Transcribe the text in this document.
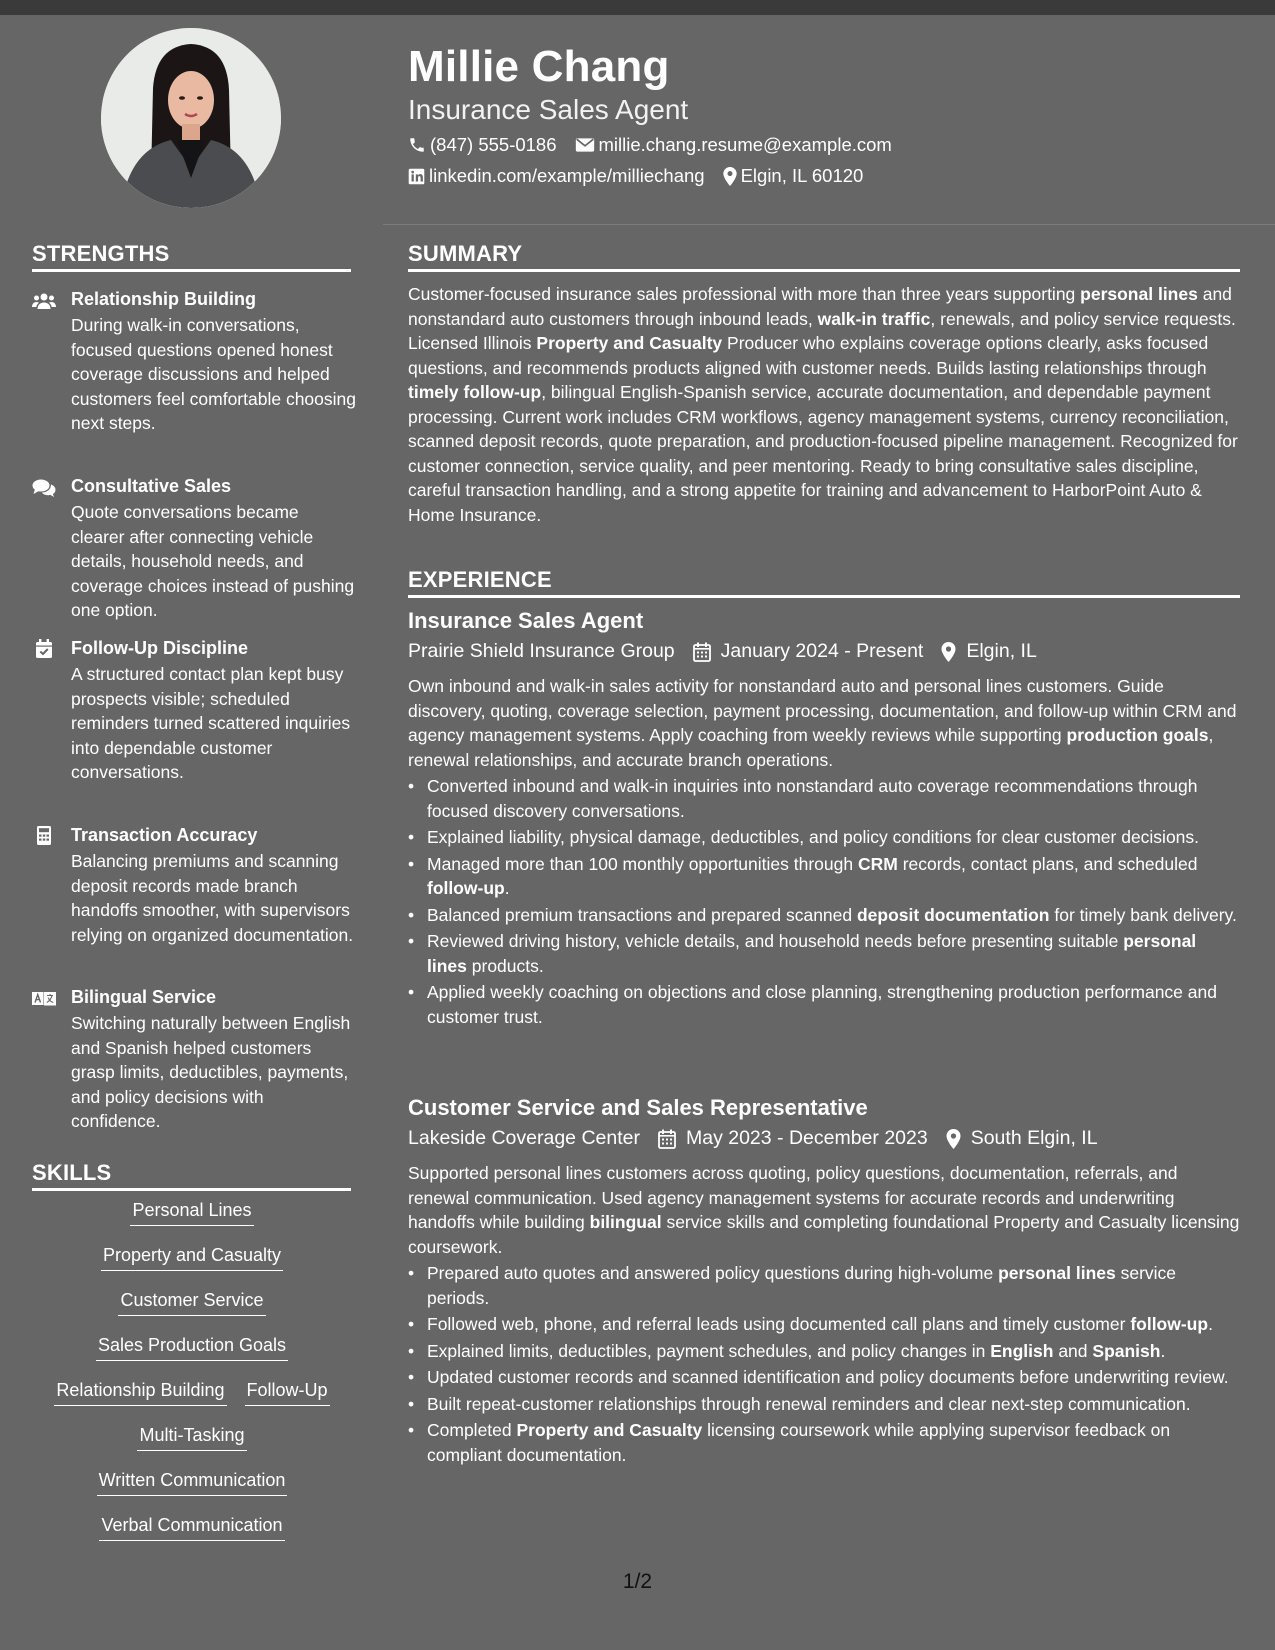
Millie Chang
Insurance Sales Agent
(847) 555-0186 millie.chang.resume@example.com
linkedin.com/example/milliechang Elgin, IL 60120
STRENGTHS
Relationship Building
During walk-in conversations, focused questions opened honest coverage discussions and helped customers feel comfortable choosing next steps.
Consultative Sales
Quote conversations became clearer after connecting vehicle details, household needs, and coverage choices instead of pushing one option.
Follow-Up Discipline
A structured contact plan kept busy prospects visible; scheduled reminders turned scattered inquiries into dependable customer conversations.
Transaction Accuracy
Balancing premiums and scanning deposit records made branch handoffs smoother, with supervisors relying on organized documentation.
Bilingual Service
Switching naturally between English and Spanish helped customers grasp limits, deductibles, payments, and policy decisions with confidence.
SKILLS
Personal Lines
Property and Casualty
Customer Service
Sales Production Goals
Relationship Building Follow-Up
Multi-Tasking
Written Communication
Verbal Communication
SUMMARY
Customer-focused insurance sales professional with more than three years supporting personal lines and nonstandard auto customers through inbound leads, walk-in traffic, renewals, and policy service requests. Licensed Illinois Property and Casualty Producer who explains coverage options clearly, asks focused questions, and recommends products aligned with customer needs. Builds lasting relationships through timely follow-up, bilingual English-Spanish service, accurate documentation, and dependable payment processing. Current work includes CRM workflows, agency management systems, currency reconciliation, scanned deposit records, quote preparation, and production-focused pipeline management. Recognized for customer connection, service quality, and peer mentoring. Ready to bring consultative sales discipline, careful transaction handling, and a strong appetite for training and advancement to HarborPoint Auto & Home Insurance.
EXPERIENCE
Insurance Sales Agent
Prairie Shield Insurance Group January 2024 - Present Elgin, IL
Own inbound and walk-in sales activity for nonstandard auto and personal lines customers. Guide discovery, quoting, coverage selection, payment processing, documentation, and follow-up within CRM and agency management systems. Apply coaching from weekly reviews while supporting production goals, renewal relationships, and accurate branch operations.
• Converted inbound and walk-in inquiries into nonstandard auto coverage recommendations through focused discovery conversations.
• Explained liability, physical damage, deductibles, and policy conditions for clear customer decisions.
• Managed more than 100 monthly opportunities through CRM records, contact plans, and scheduled follow-up.
• Balanced premium transactions and prepared scanned deposit documentation for timely bank delivery.
• Reviewed driving history, vehicle details, and household needs before presenting suitable personal lines products.
• Applied weekly coaching on objections and close planning, strengthening production performance and customer trust.
Customer Service and Sales Representative
Lakeside Coverage Center May 2023 - December 2023 South Elgin, IL
Supported personal lines customers across quoting, policy questions, documentation, referrals, and renewal communication. Used agency management systems for accurate records and underwriting handoffs while building bilingual service skills and completing foundational Property and Casualty licensing coursework.
• Prepared auto quotes and answered policy questions during high-volume personal lines service periods.
• Followed web, phone, and referral leads using documented call plans and timely customer follow-up.
• Explained limits, deductibles, payment schedules, and policy changes in English and Spanish.
• Updated customer records and scanned identification and policy documents before underwriting review.
• Built repeat-customer relationships through renewal reminders and clear next-step communication.
• Completed Property and Casualty licensing coursework while applying supervisor feedback on compliant documentation.
1/2
